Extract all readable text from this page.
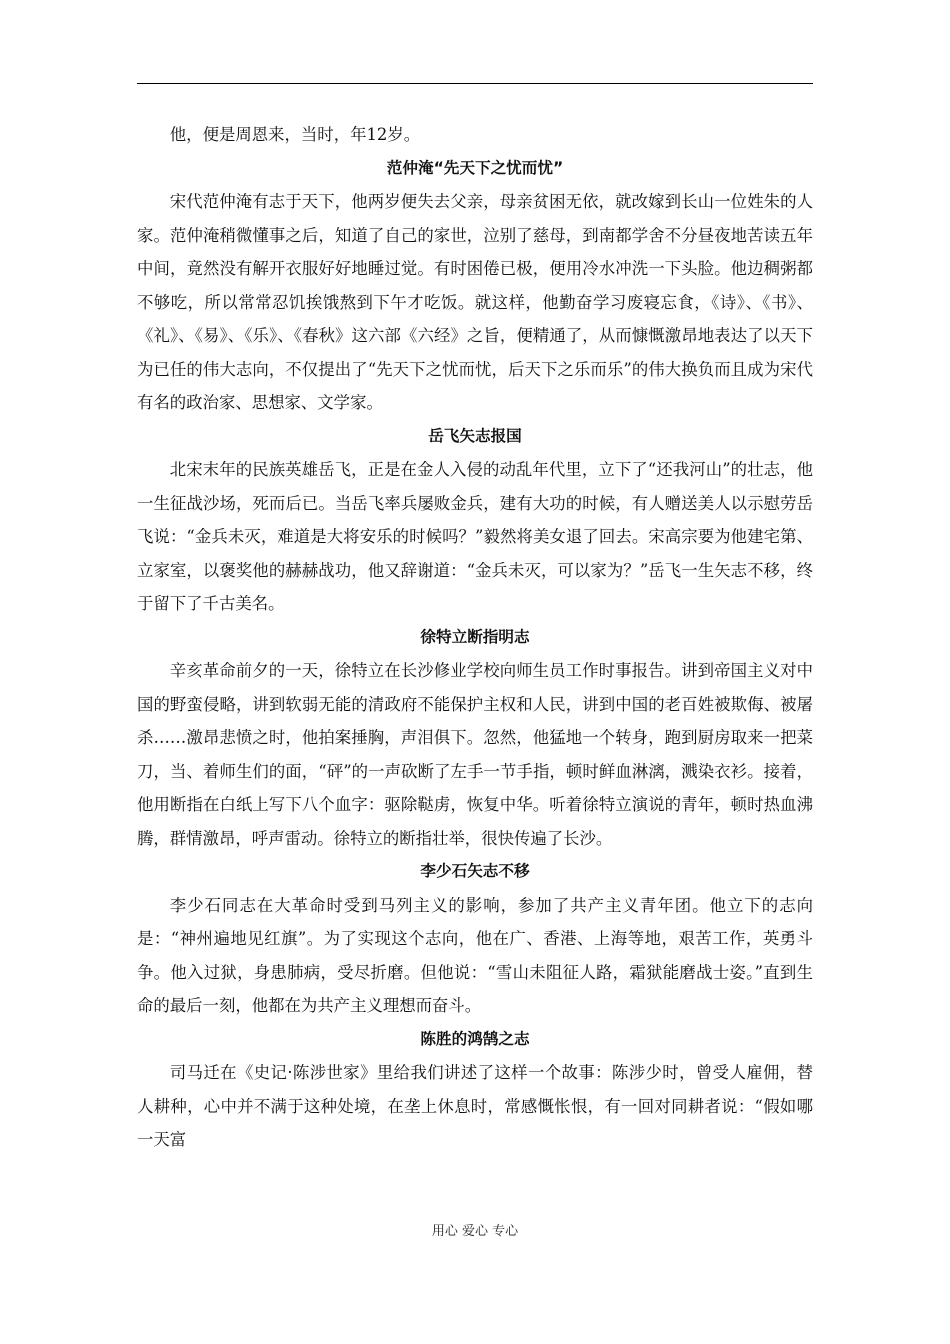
他，便是周恩来，当时，年12岁。

范仲淹“先天下之忧而忧”

宋代范仲淹有志于天下，他两岁便失去父亲，母亲贫困无依，就改嫁到长山一位姓朱的人家。范仲淹稍微懂事之后，知道了自己的家世，泣别了慈母，到南都学舍不分昼夜地苦读五年中间，竟然没有解开衣服好好地睡过觉。有时困倦已极，便用冷水冲洗一下头脸。他边稠粥都不够吃，所以常常忍饥挨饿熬到下午才吃饭。就这样，他勤奋学习废寝忘食，《诗》、《书》、《礼》、《易》、《乐》、《春秋》这六部《六经》之旨，便精通了，从而慷慨激昂地表达了以天下为已任的伟大志向，不仅提出了“先天下之忧而忧，后天下之乐而乐”的伟大换负而且成为宋代有名的政治家、思想家、文学家。

岳飞矢志报国

北宋末年的民族英雄岳飞，正是在金人入侵的动乱年代里，立下了“还我河山”的壮志，他一生征战沙场，死而后已。当岳飞率兵屡败金兵，建有大功的时候，有人赠送美人以示慰劳岳飞说：“金兵未灭，难道是大将安乐的时候吗？”毅然将美女退了回去。宋高宗要为他建宅第、立家室，以褒奖他的赫赫战功，他又辞谢道：“金兵未灭，可以家为？”岳飞一生矢志不移，终于留下了千古美名。

徐特立断指明志

辛亥革命前夕的一天，徐特立在长沙修业学校向师生员工作时事报告。讲到帝国主义对中国的野蛮侵略，讲到软弱无能的清政府不能保护主权和人民，讲到中国的老百姓被欺侮、被屠杀……激昂悲愤之时，他拍案捶胸，声泪俱下。忽然，他猛地一个转身，跑到厨房取来一把菜刀，当、着师生们的面，“砰”的一声砍断了左手一节手指，顿时鲜血淋漓，溅染衣衫。接着，他用断指在白纸上写下八个血字：驱除鞑虏，恢复中华。听着徐特立演说的青年，顿时热血沸腾，群情激昂，呼声雷动。徐特立的断指壮举，很快传遍了长沙。

李少石矢志不移

李少石同志在大革命时受到马列主义的影响，参加了共产主义青年团。他立下的志向是：“神州遍地见红旗”。为了实现这个志向，他在广、香港、上海等地，艰苦工作，英勇斗争。他入过狱，身患肺病，受尽折磨。但他说：“雪山未阻征人路，霜狱能磨战士姿。”直到生命的最后一刻，他都在为共产主义理想而奋斗。

陈胜的鸿鹄之志

司马迁在《史记·陈涉世家》里给我们讲述了这样一个故事：陈涉少时，曾受人雇佣，替人耕种，心中并不满于这种处境，在垄上休息时，常感慨怅恨，有一回对同耕者说：“假如哪一天富

用心 爱心 专心
